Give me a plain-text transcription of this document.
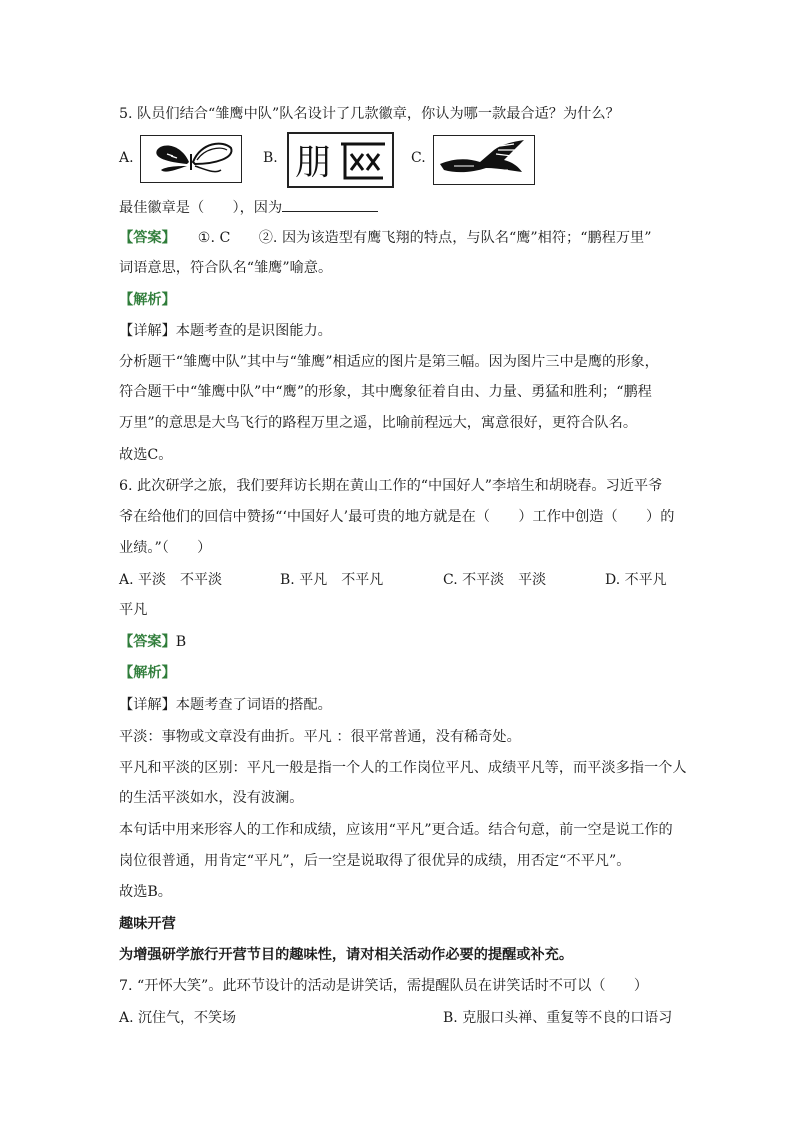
5. 队员们结合“雏鹰中队”队名设计了几款徽章，你认为哪一款最合适？为什么？
A.	B. 朋	C.
最佳徽章是（　　），因为
【答案】 ①. C　　②. 因为该造型有鹰飞翔的特点，与队名“鹰”相符；“鹏程万里”
词语意思，符合队名“雏鹰”喻意。
【解析】
【详解】本题考查的是识图能力。
分析题干“雏鹰中队”其中与“雏鹰”相适应的图片是第三幅。因为图片三中是鹰的形象，
符合题干中“雏鹰中队”中“鹰”的形象，其中鹰象征着自由、力量、勇猛和胜利；“鹏程
万里”的意思是大鸟飞行的路程万里之遥，比喻前程远大，寓意很好，更符合队名。
故选C。
6. 此次研学之旅，我们要拜访长期在黄山工作的“中国好人”李培生和胡晓春。习近平爷
爷在给他们的回信中赞扬“‘中国好人’最可贵的地方就是在（　　）工作中创造（　　）的
业绩。”（　　）
A. 平淡　不平淡	B. 平凡　不平凡	C. 不平淡　平淡	D. 不平凡
平凡
【答案】B
【解析】
【详解】本题考查了词语的搭配。
平淡：事物或文章没有曲折。平凡 ：很平常普通，没有稀奇处。
平凡和平淡的区别：平凡一般是指一个人的工作岗位平凡、成绩平凡等，而平淡多指一个人
的生活平淡如水，没有波澜。
本句话中用来形容人的工作和成绩，应该用“平凡”更合适。结合句意，前一空是说工作的
岗位很普通，用肯定“平凡”，后一空是说取得了很优异的成绩，用否定“不平凡”。
故选B。
趣味开营
为增强研学旅行开营节目的趣味性，请对相关活动作必要的提醒或补充。
7. “开怀大笑”。此环节设计的活动是讲笑话，需提醒队员在讲笑话时不可以（　　）
A. 沉住气，不笑场	B. 克服口头禅、重复等不良的口语习
